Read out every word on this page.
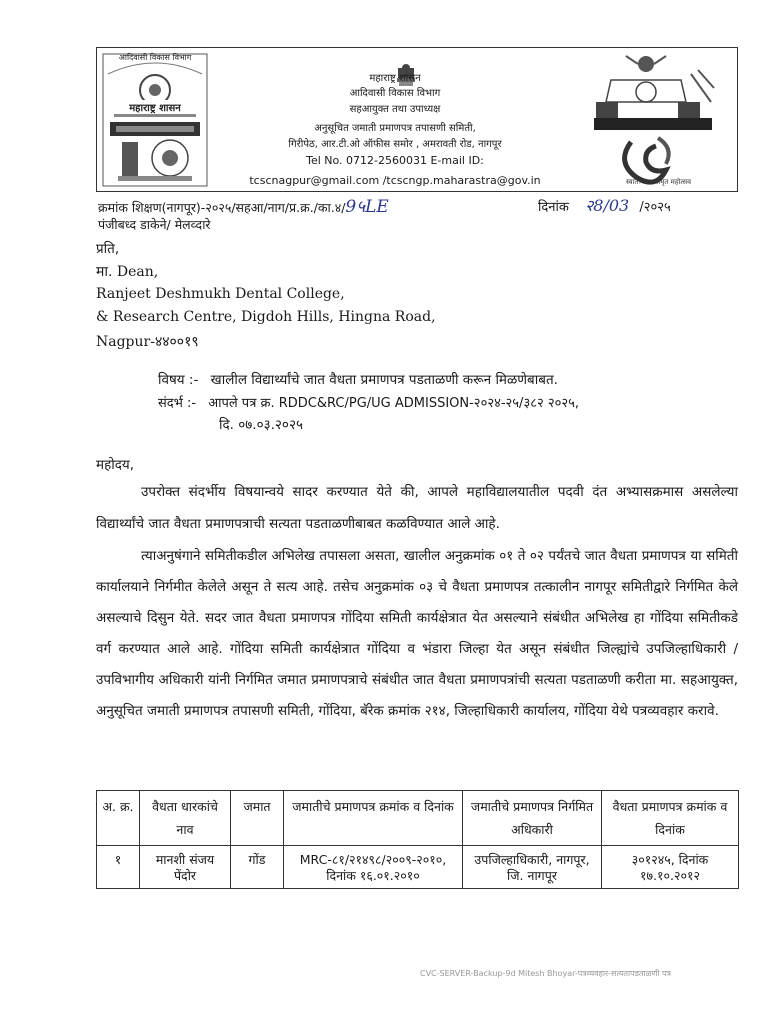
आदिवासी विकास विभाग
महाराष्ट्र शासन
स्वातंत्र्याचा अमृत महोत्सव
महाराष्ट्र शासन
आदिवासी विकास विभाग
सहआयुक्त तथा उपाध्यक्ष
अनुसूचित जमाती प्रमाणपत्र तपासणी समिती,
गिरीपेठ, आर.टी.ओ ऑफीस समोर , अमरावती रोड, नागपूर
Tel No. 0712-2560031 E-mail ID:
tcscnagpur@gmail.com /tcscngp.maharastra@gov.in
क्रमांक शिक्षण(नागपूर)-२०२५/सहआ/नाग/प्र.क्र./का.४/9५LE	दिनांक २8/03 /२०२५
पंजीबध्द डाकेने/ मेलव्दारे
प्रति,
मा. Dean,
Ranjeet Deshmukh Dental College,
& Research Centre, Digdoh Hills, Hingna Road,
Nagpur-४४००१९
विषय :- खालील विद्यार्थ्यांचे जात वैधता प्रमाणपत्र पडताळणी करून मिळणेबाबत.
संदर्भ :- आपले पत्र क्र. RDDC&RC/PG/UG ADMISSION-२०२४-२५/३८२ २०२५,
दि. ०७.०३.२०२५
महोदय,
उपरोक्त संदर्भीय विषयान्वये सादर करण्यात येते की, आपले महाविद्यालयातील पदवी दंत अभ्यासक्रमास असलेल्या विद्यार्थ्यांचे जात वैधता प्रमाणपत्राची सत्यता पडताळणीबाबत कळविण्यात आले आहे.
त्याअनुषंगाने समितीकडील अभिलेख तपासला असता, खालील अनुक्रमांक ०१ ते ०२ पर्यंतचे जात वैधता प्रमाणपत्र या समिती कार्यालयाने निर्गमीत केलेले असून ते सत्य आहे. तसेच अनुक्रमांक ०३ चे वैधता प्रमाणपत्र तत्कालीन नागपूर समितीद्वारे निर्गमित केले असल्याचे दिसुन येते. सदर जात वैधता प्रमाणपत्र गोंदिया समिती कार्यक्षेत्रात येत असल्याने संबंधीत अभिलेख हा गोंदिया समितीकडे वर्ग करण्यात आले आहे. गोंदिया समिती कार्यक्षेत्रात गोंदिया व भंडारा जिल्हा येत असून संबंधीत जिल्ह्यांचे उपजिल्हाधिकारी / उपविभागीय अधिकारी यांनी निर्गमित जमात प्रमाणपत्राचे संबंधीत जात वैधता प्रमाणपत्रांची सत्यता पडताळणी करीता मा. सहआयुक्त, अनुसूचित जमाती प्रमाणपत्र तपासणी समिती, गोंदिया, बॅरेक क्रमांक २१४, जिल्हाधिकारी कार्यालय, गोंदिया येथे पत्रव्यवहार करावे.
अ. क्र.	वैधता धारकांचे नाव	जमात	जमातीचे प्रमाणपत्र क्रमांक व दिनांक	जमातीचे प्रमाणपत्र निर्गमित अधिकारी	वैधता प्रमाणपत्र क्रमांक व दिनांक
१	मानशी संजय पेंदोर	गोंड	MRC-८१/२१४९८/२००९-२०१०, दिनांक १६.०१.२०१०	उपजिल्हाधिकारी, नागपूर, जि. नागपूर	३०१२४५, दिनांक १७.१०.२०१२
CVC-SERVER-Backup-9d Mitesh Bhoyar-पत्रव्यवहार-सत्यतापडताळणी पत्र
